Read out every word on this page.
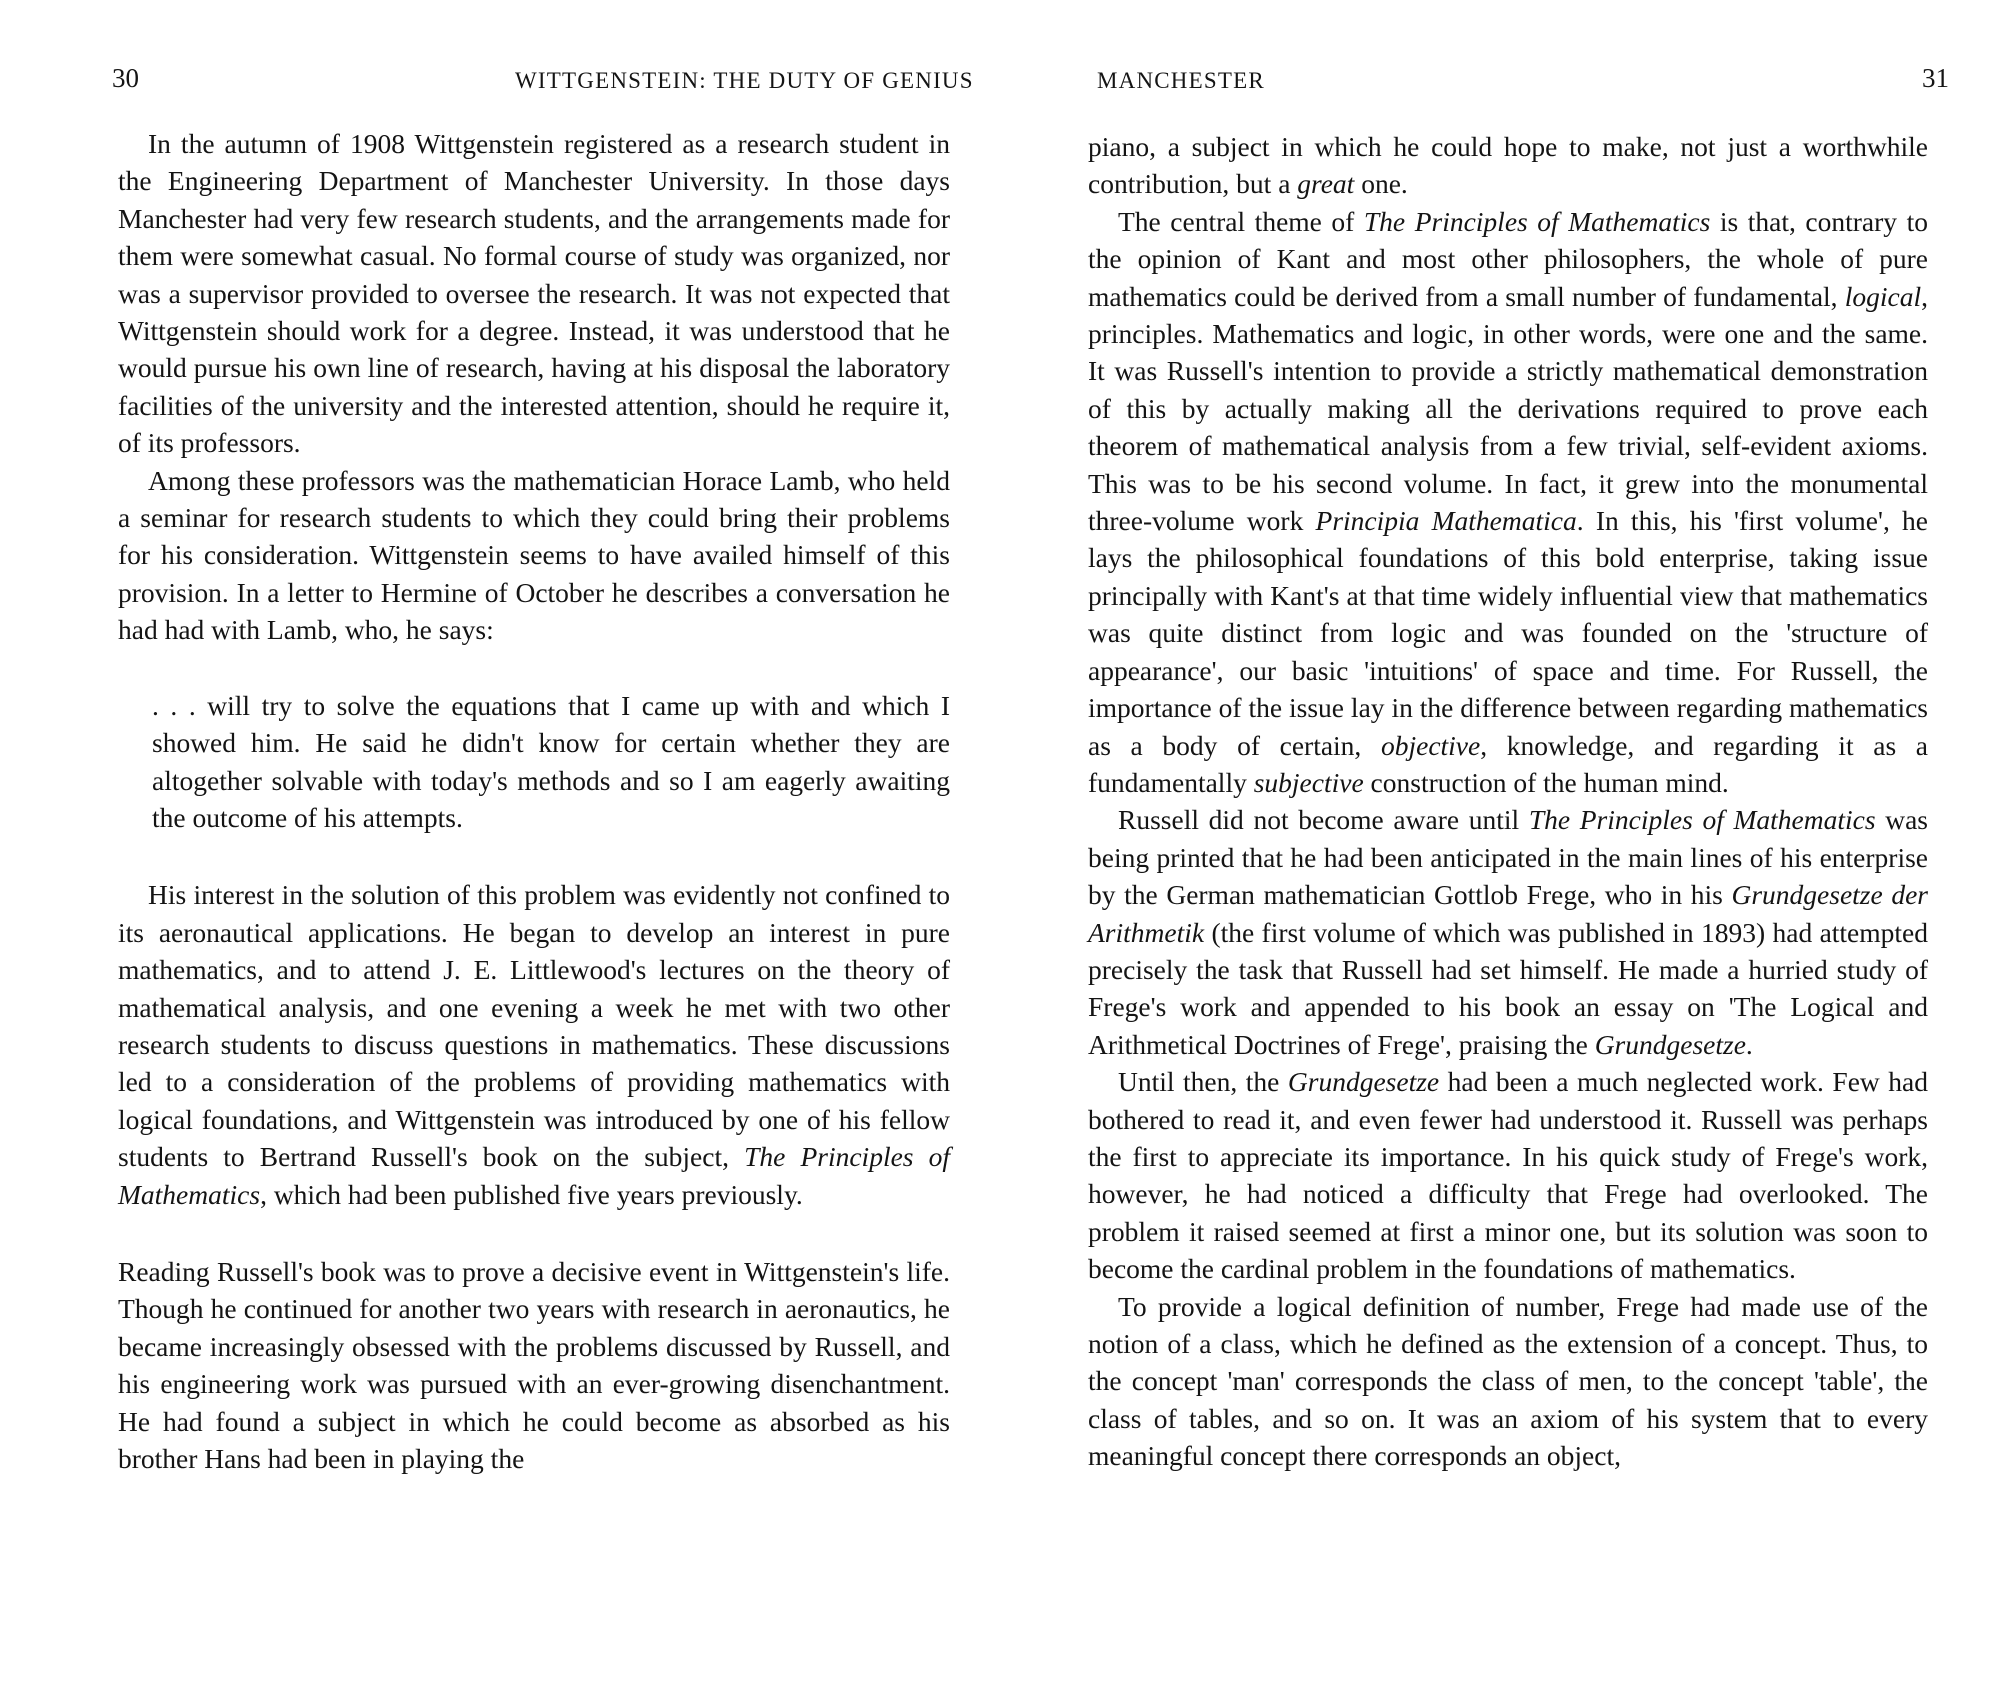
30	WITTGENSTEIN: THE DUTY OF GENIUS

In the autumn of 1908 Wittgenstein registered as a research student in the Engineering Department of Manchester University. In those days Manchester had very few research students, and the arrangements made for them were somewhat casual. No formal course of study was organized, nor was a supervisor provided to oversee the research. It was not expected that Wittgenstein should work for a degree. Instead, it was understood that he would pursue his own line of research, having at his disposal the laboratory facilities of the university and the interested attention, should he require it, of its professors.

Among these professors was the mathematician Horace Lamb, who held a seminar for research students to which they could bring their problems for his consideration. Wittgenstein seems to have availed himself of this provision. In a letter to Hermine of October he describes a conversation he had had with Lamb, who, he says:

. . . will try to solve the equations that I came up with and which I showed him. He said he didn't know for certain whether they are altogether solvable with today's methods and so I am eagerly awaiting the outcome of his attempts.

His interest in the solution of this problem was evidently not confined to its aeronautical applications. He began to develop an interest in pure mathematics, and to attend J. E. Littlewood's lectures on the theory of mathematical analysis, and one evening a week he met with two other research students to discuss questions in mathematics. These discussions led to a consideration of the problems of providing mathematics with logical foundations, and Wittgenstein was introduced by one of his fellow students to Bertrand Russell's book on the subject, The Principles of Mathematics, which had been published five years previously.

Reading Russell's book was to prove a decisive event in Wittgenstein's life. Though he continued for another two years with research in aeronautics, he became increasingly obsessed with the problems discussed by Russell, and his engineering work was pursued with an ever-growing disenchantment. He had found a subject in which he could become as absorbed as his brother Hans had been in playing the

MANCHESTER	31

piano, a subject in which he could hope to make, not just a worthwhile contribution, but a great one.

The central theme of The Principles of Mathematics is that, contrary to the opinion of Kant and most other philosophers, the whole of pure mathematics could be derived from a small number of fundamental, logical, principles. Mathematics and logic, in other words, were one and the same. It was Russell's intention to provide a strictly mathematical demonstration of this by actually making all the derivations required to prove each theorem of mathematical analysis from a few trivial, self-evident axioms. This was to be his second volume. In fact, it grew into the monumental three-volume work Principia Mathematica. In this, his 'first volume', he lays the philosophical foundations of this bold enterprise, taking issue principally with Kant's at that time widely influential view that mathematics was quite distinct from logic and was founded on the 'structure of appearance', our basic 'intuitions' of space and time. For Russell, the importance of the issue lay in the difference between regarding mathematics as a body of certain, objective, knowledge, and regarding it as a fundamentally subjective construction of the human mind.

Russell did not become aware until The Principles of Mathematics was being printed that he had been anticipated in the main lines of his enterprise by the German mathematician Gottlob Frege, who in his Grundgesetze der Arithmetik (the first volume of which was published in 1893) had attempted precisely the task that Russell had set himself. He made a hurried study of Frege's work and appended to his book an essay on 'The Logical and Arithmetical Doctrines of Frege', praising the Grundgesetze.

Until then, the Grundgesetze had been a much neglected work. Few had bothered to read it, and even fewer had understood it. Russell was perhaps the first to appreciate its importance. In his quick study of Frege's work, however, he had noticed a difficulty that Frege had overlooked. The problem it raised seemed at first a minor one, but its solution was soon to become the cardinal problem in the foundations of mathematics.

To provide a logical definition of number, Frege had made use of the notion of a class, which he defined as the extension of a concept. Thus, to the concept 'man' corresponds the class of men, to the concept 'table', the class of tables, and so on. It was an axiom of his system that to every meaningful concept there corresponds an object,
